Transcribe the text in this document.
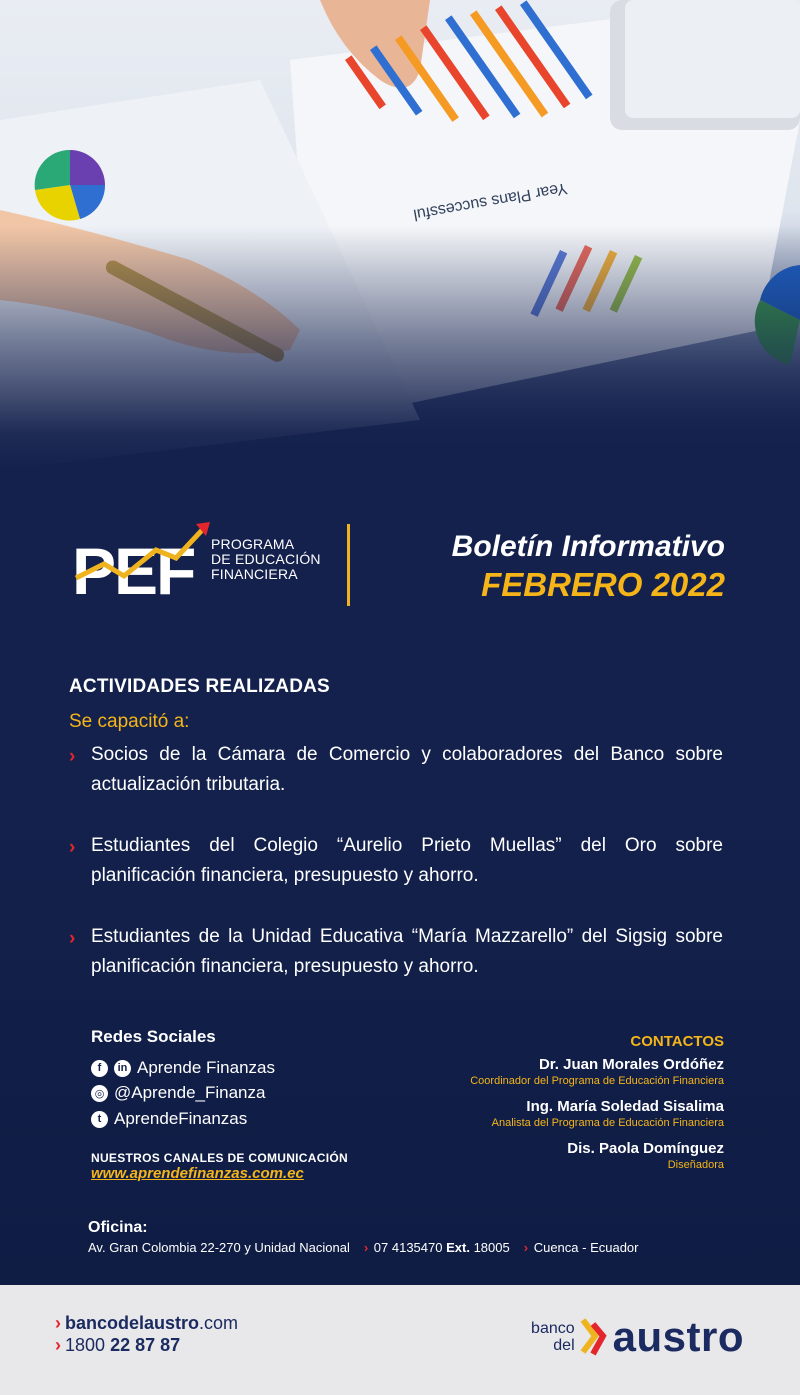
PEF PROGRAMA
DE EDUCACIÓN
FINANCIERA
Boletín Informativo
FEBRERO 2022
ACTIVIDADES REALIZADAS
Se capacitó a:
› Socios de la Cámara de Comercio y colaboradores del Banco sobre actualización tributaria.
› Estudiantes del Colegio “Aurelio Prieto Muellas” del Oro sobre planificación financiera, presupuesto y ahorro.
› Estudiantes de la Unidad Educativa “María Mazzarello” del Sigsig sobre planificación financiera, presupuesto y ahorro.
Redes Sociales
f	in Aprende Finanzas
◎ @Aprende_Finanza
t AprendeFinanzas
NUESTROS CANALES DE COMUNICACIÓN
www.aprendefinanzas.com.ec
CONTACTOS
Dr. Juan Morales Ordóñez
Coordinador del Programa de Educación Financiera
Ing. María Soledad Sisalima
Analista del Programa de Educación Financiera
Dis. Paola Domínguez
Diseñadora
Oficina:
Av. Gran Colombia 22-270 y Unidad Nacional › 07 4135470 Ext. 18005 › Cuenca - Ecuador
› bancodelaustro.com
› 1800 22 87 87
banco
del austro
